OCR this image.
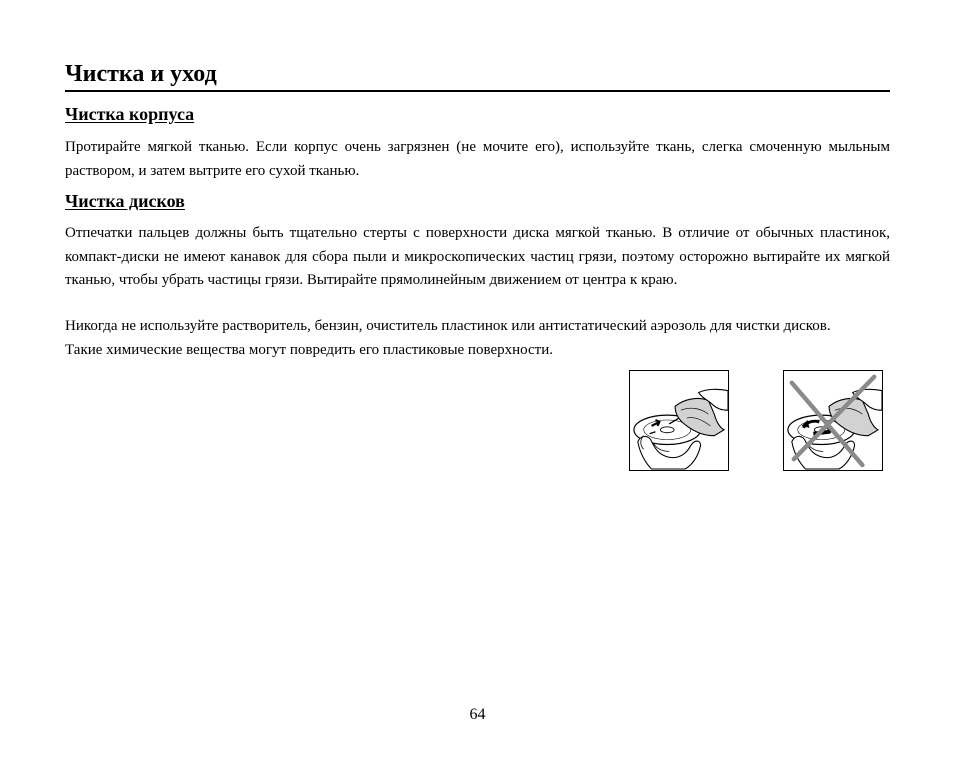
Чистка и уход
Чистка корпуса

Протирайте мягкой тканью. Если корпус очень загрязнен (не мочите его), используйте ткань, слегка смоченную мыльным раствором, и затем вытрите его сухой тканью.

Чистка дисков

Отпечатки пальцев должны быть тщательно стерты с поверхности диска мягкой тканью. В отличие от обычных пластинок, компакт-диски не имеют канавок для сбора пыли и микроскопических частиц грязи, поэтому осторожно вытирайте их мягкой тканью, чтобы убрать частицы грязи. Вытирайте прямолинейным движением от центра к краю.

Никогда не используйте растворитель, бензин, очиститель пластинок или антистатический аэрозоль для чистки дисков. Такие химические вещества могут повредить его пластиковые поверхности.

64
